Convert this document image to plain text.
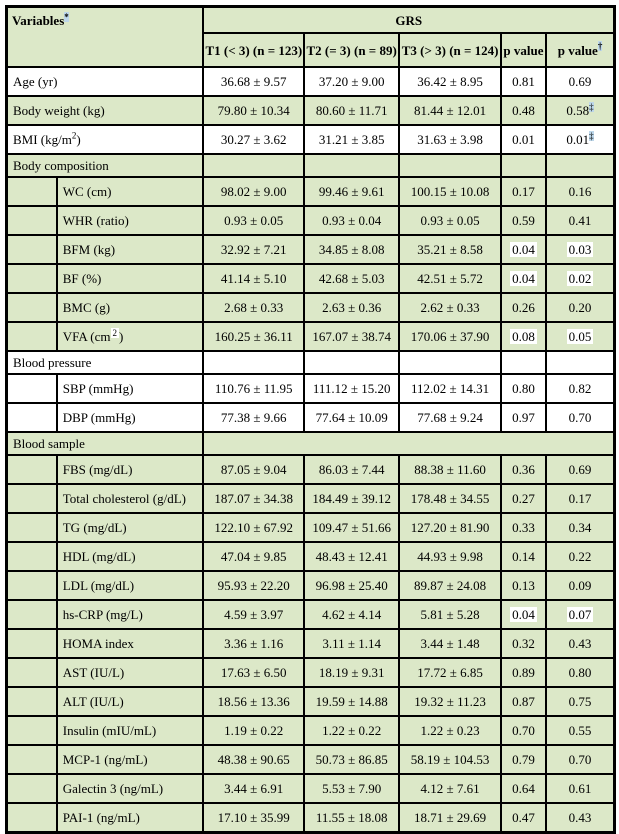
Variables*		GRS				
		T1 (< 3) (n = 123)	T2 (= 3) (n = 89)	T3 (> 3) (n = 124)	p value	p value†
Age (yr)		36.68 ± 9.57	37.20 ± 9.00	36.42 ± 8.95	0.81	0.69
Body weight (kg)		79.80 ± 10.34	80.60 ± 11.71	81.44 ± 12.01	0.48	0.58‡
BMI $(kg/m^2)$		30.27 ± 3.62	31.21 ± 3.85	31.63 ± 3.98	0.01	0.01‡
Body composition						
	WC (cm)	98.02 ± 9.00	99.46 ± 9.61	100.15 ± 10.08	0.17	0.16
	WHR (ratio)	0.93 ± 0.05	0.93 ± 0.04	0.93 ± 0.05	0.59	0.41
	BFM (kg)	32.92 ± 7.21	34.85 ± 8.08	35.21 ± 8.58	0.04	0.03
	BF (%)	41.14 ± 5.10	42.68 ± 5.03	42.51 ± 5.72	0.04	0.02
	BMC (g)	2.68 ± 0.33	2.63 ± 0.36	2.62 ± 0.33	0.26	0.20
	VFA (cm $^2$ )	160.25 ± 36.11	167.07 ± 38.74	170.06 ± 37.90	0.08	0.05
Blood pressure						
	SBP (mmHg)	110.76 ± 11.95	111.12 ± 15.20	112.02 ± 14.31	0.80	0.82
	DBP (mmHg)	77.38 ± 9.66	77.64 ± 10.09	77.68 ± 9.24	0.97	0.70
Blood sample						
	FBS (mg/dL)	87.05 ± 9.04	86.03 ± 7.44	88.38 ± 11.60	0.36	0.69
	Total cholesterol (g/dL)	187.07 ± 34.38	184.49 ± 39.12	178.48 ± 34.55	0.27	0.17
	TG (mg/dL)	122.10 ± 67.92	109.47 ± 51.66	127.20 ± 81.90	0.33	0.34
	HDL (mg/dL)	47.04 ± 9.85	48.43 ± 12.41	44.93 ± 9.98	0.14	0.22
	LDL (mg/dL)	95.93 ± 22.20	96.98 ± 25.40	89.87 ± 24.08	0.13	0.09
	hs-CRP (mg/L)	4.59 ± 3.97	4.62 ± 4.14	5.81 ± 5.28	0.04	0.07
	HOMA index	3.36 ± 1.16	3.11 ± 1.14	3.44 ± 1.48	0.32	0.43
	AST (IU/L)	17.63 ± 6.50	18.19 ± 9.31	17.72 ± 6.85	0.89	0.80
	ALT (IU/L)	18.56 ± 13.36	19.59 ± 14.88	19.32 ± 11.23	0.87	0.75
	Insulin (mIU/mL)	1.19 ± 0.22	1.22 ± 0.22	1.22 ± 0.23	0.70	0.55
	MCP-1 (ng/mL)	48.38 ± 90.65	50.73 ± 86.85	58.19 ± 104.53	0.79	0.70
	Galectin 3 (ng/mL)	3.44 ± 6.91	5.53 ± 7.90	4.12 ± 7.61	0.64	0.61
	PAI-1 (ng/mL)	17.10 ± 35.99	11.55 ± 18.08	18.71 ± 29.69	0.47	0.43
